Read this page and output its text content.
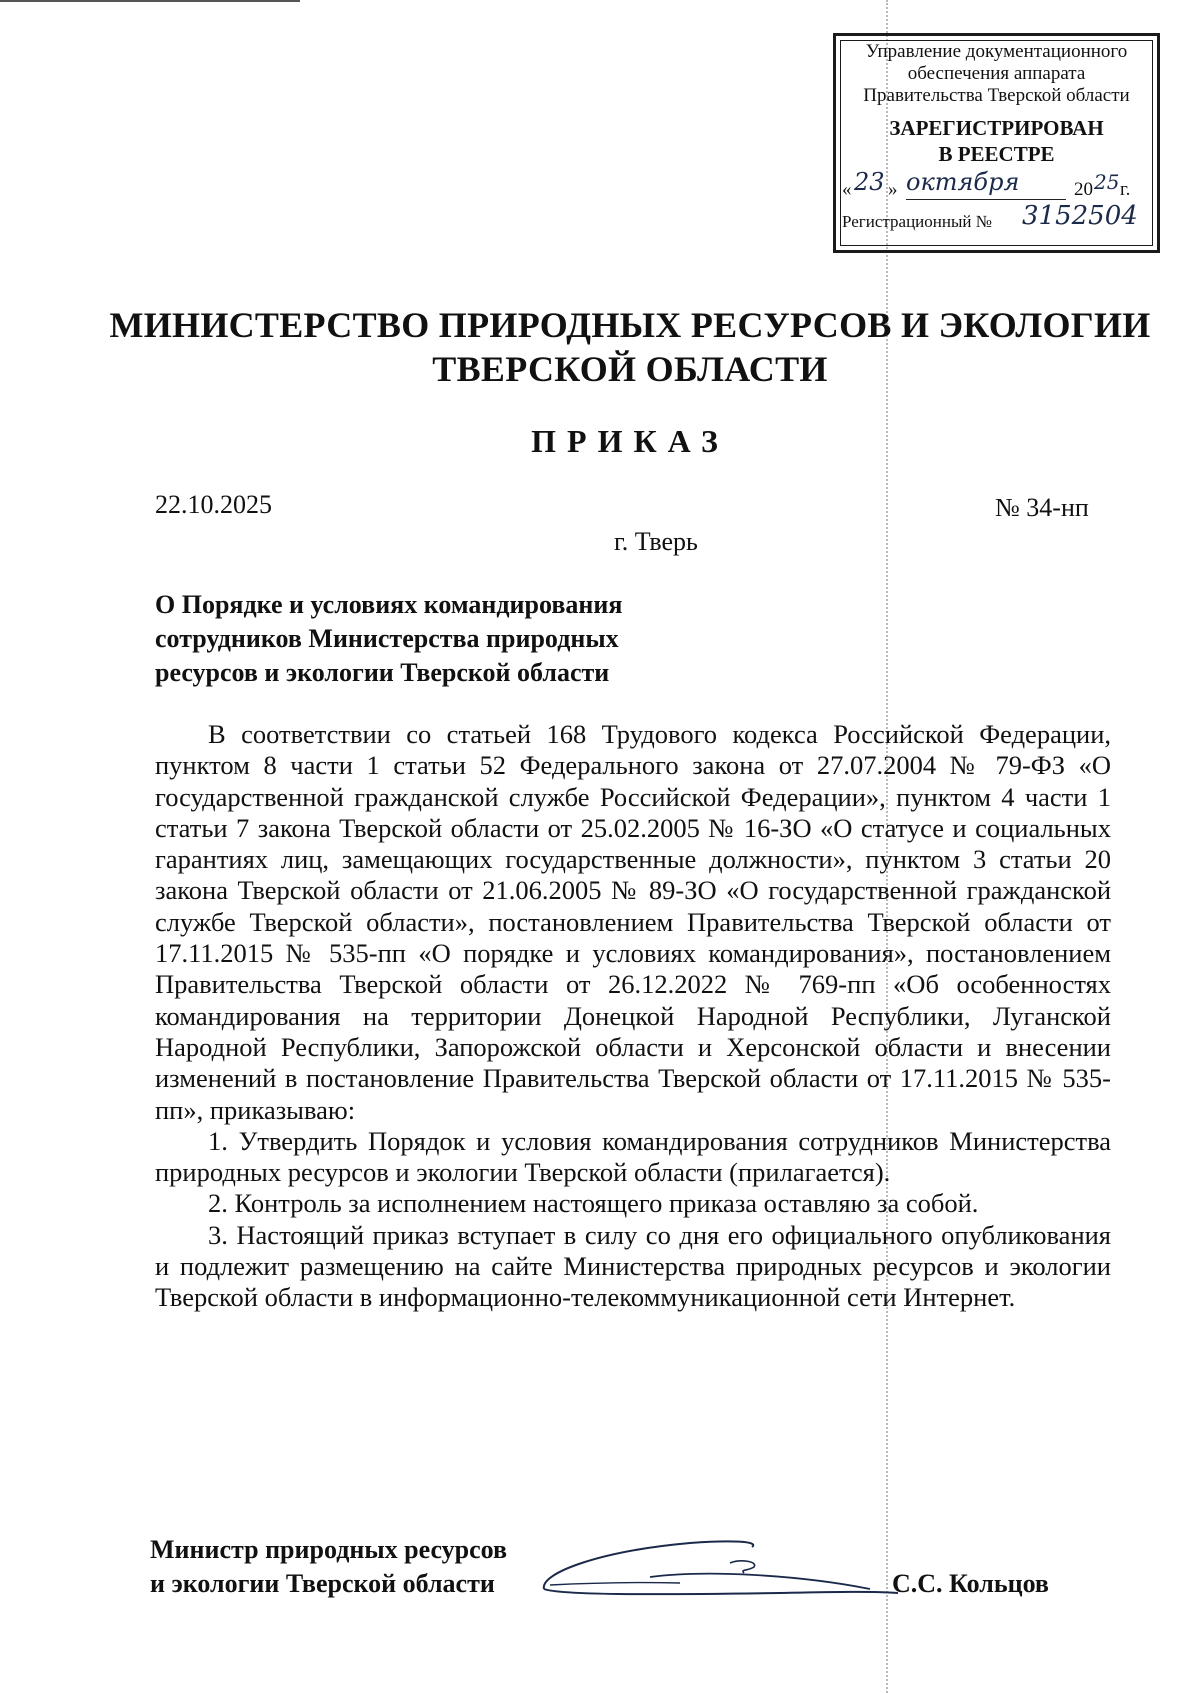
Управление документационного
обеспечения аппарата
Правительства Тверской области
ЗАРЕГИСТРИРОВАН
В РЕЕСТРЕ
« 23 » октября	20 25 г.
Регистрационный № 3152504
МИНИСТЕРСТВО ПРИРОДНЫХ РЕСУРСОВ И ЭКОЛОГИИ
ТВЕРСКОЙ ОБЛАСТИ
ПРИКАЗ
22.10.2025	№ 34-нп
г. Тверь
О Порядке и условиях командирования
сотрудников Министерства природных
ресурсов и экологии Тверской области

В соответствии со статьей 168 Трудового кодекса Российской Федерации, пунктом 8 части 1 статьи 52 Федерального закона от 27.07.2004 № 79-ФЗ «О государственной гражданской службе Российской Федерации», пунктом 4 части 1 статьи 7 закона Тверской области от 25.02.2005 № 16-ЗО «О статусе и социальных гарантиях лиц, замещающих государственные должности», пунктом 3 статьи 20 закона Тверской области от 21.06.2005 № 89-ЗО «О государственной гражданской службе Тверской области», постановлением Правительства Тверской области от 17.11.2015 № 535-пп «О порядке и условиях командирования», постановлением Правительства Тверской области от 26.12.2022 № 769-пп «Об особенностях командирования на территории Донецкой Народной Республики, Луганской Народной Республики, Запорожской области и Херсонской области и внесении изменений в постановление Правительства Тверской области от 17.11.2015 № 535-пп», приказываю:

1. Утвердить Порядок и условия командирования сотрудников Министерства природных ресурсов и экологии Тверской области (прилагается).

2. Контроль за исполнением настоящего приказа оставляю за собой.

3. Настоящий приказ вступает в силу со дня его официального опубликования и подлежит размещению на сайте Министерства природных ресурсов и экологии Тверской области в информационно-телекоммуникационной сети Интернет.

Министр природных ресурсов
и экологии Тверской области	С.С. Кольцов
